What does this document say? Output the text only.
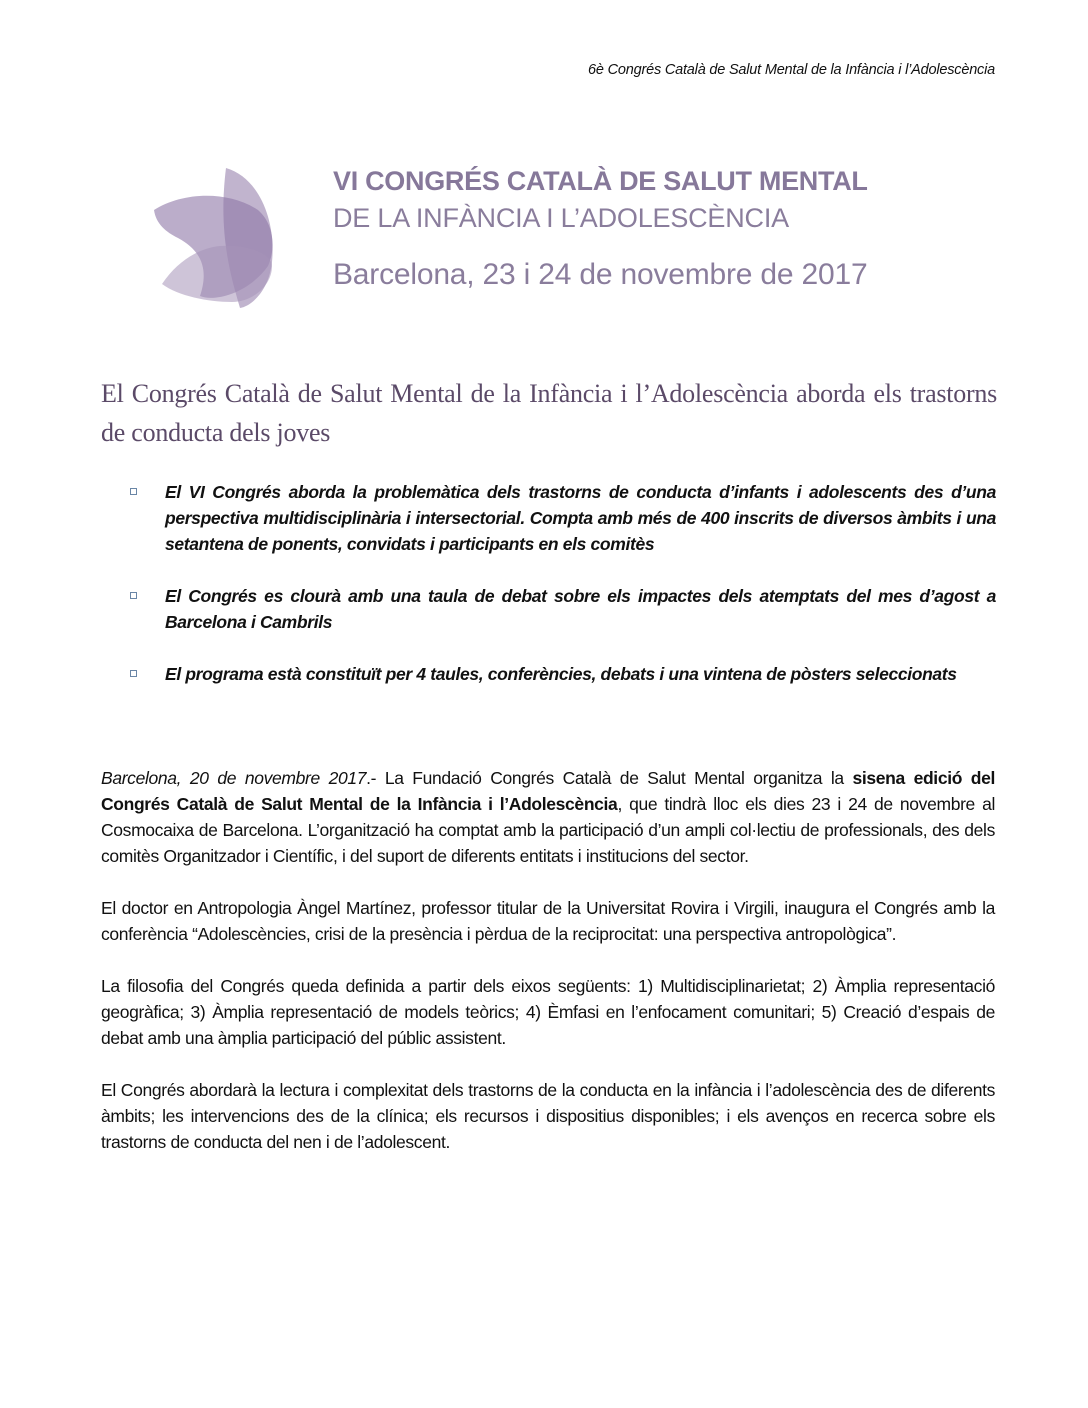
6è Congrés Català de Salut Mental de la Infància i l’Adolescència
VI CONGRÉS CATALÀ DE SALUT MENTAL
DE LA INFÀNCIA I L’ADOLESCÈNCIA
Barcelona, 23 i 24 de novembre de 2017
El Congrés Català de Salut Mental de la Infància i l’Adolescència aborda els trastorns de conducta dels joves
El VI Congrés aborda la problemàtica dels trastorns de conducta d’infants i adolescents des d’una perspectiva multidisciplinària i intersectorial. Compta amb més de 400 inscrits de diversos àmbits i una setantena de ponents, convidats i participants en els comitès
El Congrés es clourà amb una taula de debat sobre els impactes dels atemptats del mes d’agost a Barcelona i Cambrils
El programa està constituït per 4 taules, conferències, debats i una vintena de pòsters seleccionats

Barcelona, 20 de novembre 2017.- La Fundació Congrés Català de Salut Mental organitza la sisena edició del Congrés Català de Salut Mental de la Infància i l’Adolescència, que tindrà lloc els dies 23 i 24 de novembre al Cosmocaixa de Barcelona. L’organització ha comptat amb la participació d’un ampli col·lectiu de professionals, des dels comitès Organitzador i Científic, i del suport de diferents entitats i institucions del sector.

El doctor en Antropologia Àngel Martínez, professor titular de la Universitat Rovira i Virgili, inaugura el Congrés amb la conferència “Adolescències, crisi de la presència i pèrdua de la reciprocitat: una perspectiva antropològica”.

La filosofia del Congrés queda definida a partir dels eixos següents: 1) Multidisciplinarietat; 2) Àmplia representació geogràfica; 3) Àmplia representació de models teòrics; 4) Èmfasi en l’enfocament comunitari; 5) Creació d’espais de debat amb una àmplia participació del públic assistent.

El Congrés abordarà la lectura i complexitat dels trastorns de la conducta en la infància i l’adolescència des de diferents àmbits; les intervencions des de la clínica; els recursos i dispositius disponibles; i els avenços en recerca sobre els trastorns de conducta del nen i de l’adolescent.
